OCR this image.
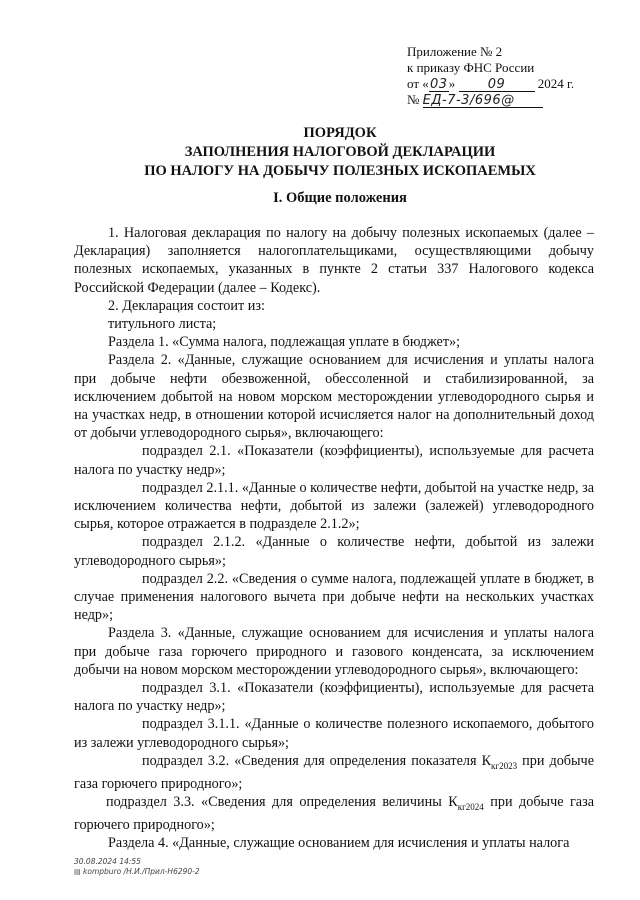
Приложение № 2
к приказу ФНС России
от «03» 09 2024 г.
№ ЕД-7-3/696@
ПОРЯДОК
ЗАПОЛНЕНИЯ НАЛОГОВОЙ ДЕКЛАРАЦИИ
ПО НАЛОГУ НА ДОБЫЧУ ПОЛЕЗНЫХ ИСКОПАЕМЫХ
I. Общие положения

1. Налоговая декларация по налогу на добычу полезных ископаемых (далее – Декларация) заполняется налогоплательщиками, осуществляющими добычу полезных ископаемых, указанных в пункте 2 статьи 337 Налогового кодекса Российской Федерации (далее – Кодекс).

2. Декларация состоит из:

титульного листа;

Раздела 1. «Сумма налога, подлежащая уплате в бюджет»;

Раздела 2. «Данные, служащие основанием для исчисления и уплаты налога при добыче нефти обезвоженной, обессоленной и стабилизированной, за исключением добытой на новом морском месторождении углеводородного сырья и на участках недр, в отношении которой исчисляется налог на дополнительный доход от добычи углеводородного сырья», включающего:

подраздел 2.1. «Показатели (коэффициенты), используемые для расчета налога по участку недр»;

подраздел 2.1.1. «Данные о количестве нефти, добытой на участке недр, за исключением количества нефти, добытой из залежи (залежей) углеводородного сырья, которое отражается в подразделе 2.1.2»;

подраздел 2.1.2. «Данные о количестве нефти, добытой из залежи углеводородного сырья»;

подраздел 2.2. «Сведения о сумме налога, подлежащей уплате в бюджет, в случае применения налогового вычета при добыче нефти на нескольких участках недр»;

Раздела 3. «Данные, служащие основанием для исчисления и уплаты налога при добыче газа горючего природного и газового конденсата, за исключением добычи на новом морском месторождении углеводородного сырья», включающего:

подраздел 3.1. «Показатели (коэффициенты), используемые для расчета налога по участку недр»;

подраздел 3.1.1. «Данные о количестве полезного ископаемого, добытого из залежи углеводородного сырья»;

подраздел 3.2. «Сведения для определения показателя $К_{кг2023}$ при добыче газа горючего природного»;

подраздел 3.3. «Сведения для определения величины $К_{кг2024}$ при добыче газа горючего природного»;

Раздела 4. «Данные, служащие основанием для исчисления и уплаты налога

30.08.2024 14:55
▤ kompburo /Н.И./Прил-Н6290-2
